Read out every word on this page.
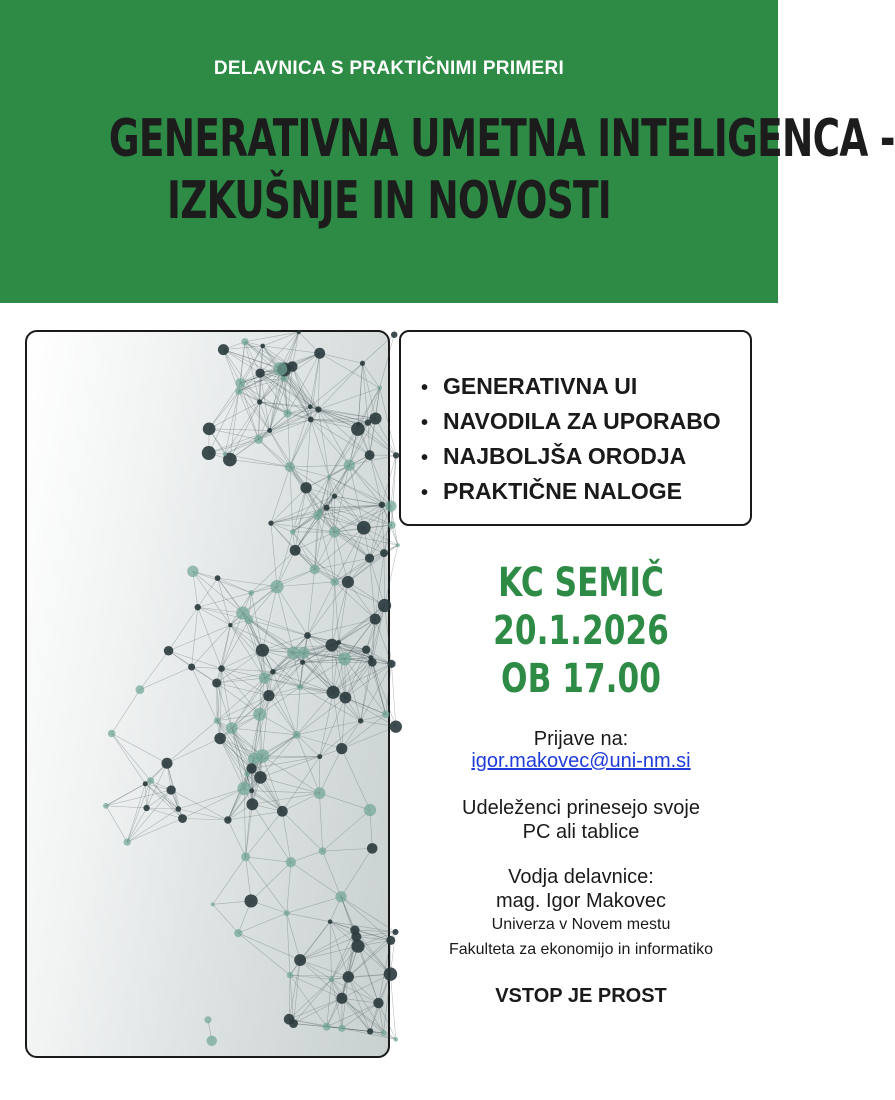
DELAVNICA S PRAKTIČNIMI PRIMERI
GENERATIVNA UMETNA INTELIGENCA -
IZKUŠNJE IN NOVOSTI
• GENERATIVNA UI
• NAVODILA ZA UPORABO
• NAJBOLJŠA ORODJA
• PRAKTIČNE NALOGE
KC SEMIČ
20.1.2026
OB 17.00
Prijave na:
igor.makovec@uni-nm.si
Udeleženci prinesejo svoje
PC ali tablice
Vodja delavnice:
mag. Igor Makovec
Univerza v Novem mestu
Fakulteta za ekonomijo in informatiko
VSTOP JE PROST
